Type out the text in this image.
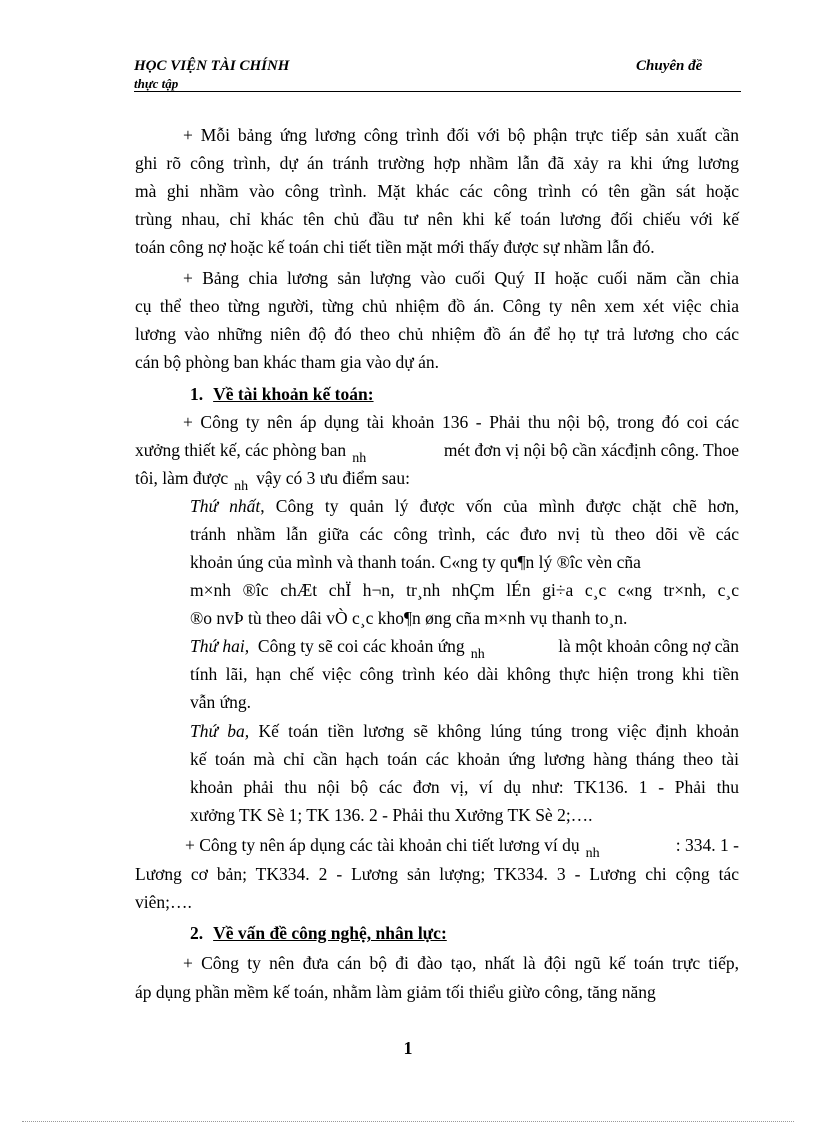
HỌC VIỆN TÀI CHÍNH	Chuyên đề
thực tập
+ Mỗi bảng ứng lương công trình đối với bộ phận trực tiếp sản xuất cần
ghi rõ công trình, dự án tránh trường hợp nhầm lẫn đã xảy ra khi ứng lương
mà ghi nhầm vào công trình. Mặt khác các công trình có tên gần sát hoặc
trùng nhau, chỉ khác tên chủ đầu tư nên khi kế toán lương đối chiếu với kế
toán công nợ hoặc kế toán chi tiết tiền mặt mới thấy được sự nhầm lẫn đó.
+ Bảng chia lương sản lượng vào cuối Quý II hoặc cuối năm cần chia
cụ thể theo từng người, từng chủ nhiệm đồ án. Công ty nên xem xét việc chia
lương vào những niên độ đó theo chủ nhiệm đồ án để họ tự trả lương cho các
cán bộ phòng ban khác tham gia vào dự án.
1. Về tài khoản kế toán:
+ Công ty nên áp dụng tài khoản 136 - Phải thu nội bộ, trong đó coi các
xưởng thiết kế, các phòng ban $_{nh}$	mét đơn vị nội bộ cần xácđịnh công. Thoe
tôi, làm được $_{nh}$ vậy có 3 ưu điểm sau:
Thứ nhất, Công ty quản lý được vốn của mình được chặt chẽ hơn,
tránh nhầm lẫn giữa các công trình, các đưo nvị tù theo dõi về các
khoản úng của mình và thanh toán. C«ng ty qu¶n lý ®îc vèn cña
m×nh ®îc chÆt chÏ h¬n, tr¸nh nhÇm lÉn gi÷a c¸c c«ng tr×nh, c¸c
®o nvÞ tù theo dâi vÒ c¸c kho¶n øng cña m×nh vụ thanh to¸n.
Thứ hai, Công ty sẽ coi các khoản ứng $_{nh}$	là một khoản công nợ cần
tính lãi, hạn chế việc công trình kéo dài không thực hiện trong khi tiền
vẫn ứng.
Thứ ba, Kế toán tiền lương sẽ không lúng túng trong việc định khoản
kế toán mà chỉ cần hạch toán các khoản ứng lương hàng tháng theo tài
khoản phải thu nội bộ các đơn vị, ví dụ như: TK136. 1 - Phải thu
xưởng TK Sè 1; TK 136. 2 - Phải thu Xưởng TK Sè 2;….
+ Công ty nên áp dụng các tài khoản chi tiết lương ví dụ $_{nh}$	: 334. 1 -
Lương cơ bản; TK334. 2 - Lương sản lượng; TK334. 3 - Lương chi cộng tác
viên;….
2. Về vấn đề công nghệ, nhân lực:
+ Công ty nên đưa cán bộ đi đào tạo, nhất là đội ngũ kế toán trực tiếp,
áp dụng phần mềm kế toán, nhằm làm giảm tối thiểu giừo công, tăng năng
1
